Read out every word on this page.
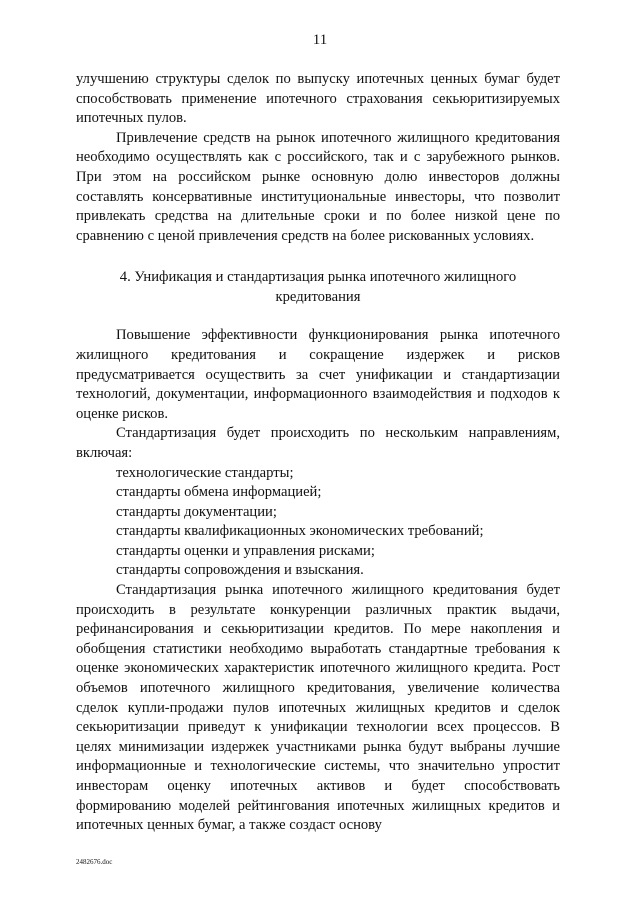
11

улучшению структуры сделок по выпуску ипотечных ценных бумаг будет способствовать применение ипотечного страхования секьюритизируемых ипотечных пулов.

Привлечение средств на рынок ипотечного жилищного кредитования необходимо осуществлять как с российского, так и с зарубежного рынков. При этом на российском рынке основную долю инвесторов должны составлять консервативные институциональные инвесторы, что позволит привлекать средства на длительные сроки и по более низкой цене по сравнению с ценой привлечения средств на более рискованных условиях.

4. Унификация и стандартизация рынка ипотечного жилищного
кредитования

Повышение эффективности функционирования рынка ипотечного жилищного кредитования и сокращение издержек и рисков предусматривается осуществить за счет унификации и стандартизации технологий, документации, информационного взаимодействия и подходов к оценке рисков.

Стандартизация будет происходить по нескольким направлениям, включая:

технологические стандарты;
стандарты обмена информацией;
стандарты документации;
стандарты квалификационных экономических требований;
стандарты оценки и управления рисками;
стандарты сопровождения и взыскания.

Стандартизация рынка ипотечного жилищного кредитования будет происходить в результате конкуренции различных практик выдачи, рефинансирования и секьюритизации кредитов. По мере накопления и обобщения статистики необходимо выработать стандартные требования к оценке экономических характеристик ипотечного жилищного кредита. Рост объемов ипотечного жилищного кредитования, увеличение количества сделок купли-продажи пулов ипотечных жилищных кредитов и сделок секьюритизации приведут к унификации технологии всех процессов. В целях минимизации издержек участниками рынка будут выбраны лучшие информационные и технологические системы, что значительно упростит инвесторам оценку ипотечных активов и будет способствовать формированию моделей рейтингования ипотечных жилищных кредитов и ипотечных ценных бумаг, а также создаст основу

2482676.doc
